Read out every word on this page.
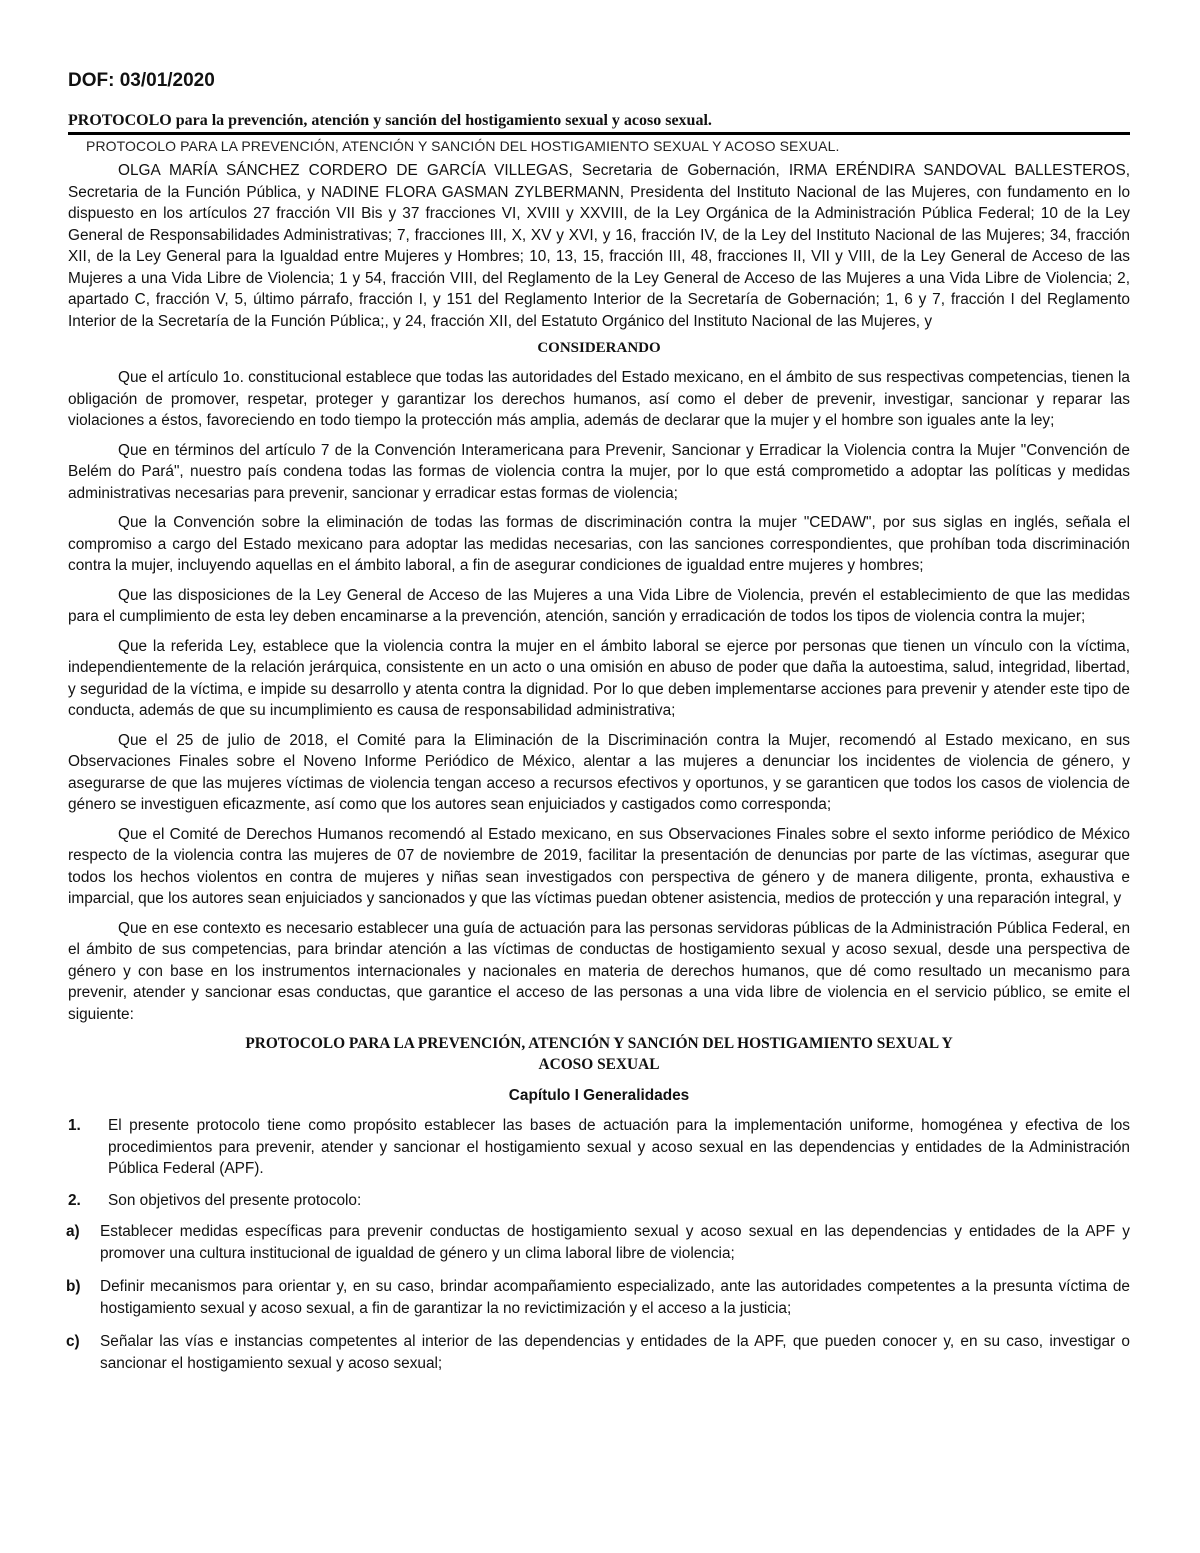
DOF: 03/01/2020
PROTOCOLO para la prevención, atención y sanción del hostigamiento sexual y acoso sexual.
PROTOCOLO PARA LA PREVENCIÓN, ATENCIÓN Y SANCIÓN DEL HOSTIGAMIENTO SEXUAL Y ACOSO SEXUAL.

OLGA MARÍA SÁNCHEZ CORDERO DE GARCÍA VILLEGAS, Secretaria de Gobernación, IRMA ERÉNDIRA SANDOVAL BALLESTEROS, Secretaria de la Función Pública, y NADINE FLORA GASMAN ZYLBERMANN, Presidenta del Instituto Nacional de las Mujeres, con fundamento en lo dispuesto en los artículos 27 fracción VII Bis y 37 fracciones VI, XVIII y XXVIII, de la Ley Orgánica de la Administración Pública Federal; 10 de la Ley General de Responsabilidades Administrativas; 7, fracciones III, X, XV y XVI, y 16, fracción IV, de la Ley del Instituto Nacional de las Mujeres; 34, fracción XII, de la Ley General para la Igualdad entre Mujeres y Hombres; 10, 13, 15, fracción III, 48, fracciones II, VII y VIII, de la Ley General de Acceso de las Mujeres a una Vida Libre de Violencia; 1 y 54, fracción VIII, del Reglamento de la Ley General de Acceso de las Mujeres a una Vida Libre de Violencia; 2, apartado C, fracción V, 5, último párrafo, fracción I, y 151 del Reglamento Interior de la Secretaría de Gobernación; 1, 6 y 7, fracción I del Reglamento Interior de la Secretaría de la Función Pública;, y 24, fracción XII, del Estatuto Orgánico del Instituto Nacional de las Mujeres, y

CONSIDERANDO

Que el artículo 1o. constitucional establece que todas las autoridades del Estado mexicano, en el ámbito de sus respectivas competencias, tienen la obligación de promover, respetar, proteger y garantizar los derechos humanos, así como el deber de prevenir, investigar, sancionar y reparar las violaciones a éstos, favoreciendo en todo tiempo la protección más amplia, además de declarar que la mujer y el hombre son iguales ante la ley;

Que en términos del artículo 7 de la Convención Interamericana para Prevenir, Sancionar y Erradicar la Violencia contra la Mujer "Convención de Belém do Pará", nuestro país condena todas las formas de violencia contra la mujer, por lo que está comprometido a adoptar las políticas y medidas administrativas necesarias para prevenir, sancionar y erradicar estas formas de violencia;

Que la Convención sobre la eliminación de todas las formas de discriminación contra la mujer "CEDAW", por sus siglas en inglés, señala el compromiso a cargo del Estado mexicano para adoptar las medidas necesarias, con las sanciones correspondientes, que prohíban toda discriminación contra la mujer, incluyendo aquellas en el ámbito laboral, a fin de asegurar condiciones de igualdad entre mujeres y hombres;

Que las disposiciones de la Ley General de Acceso de las Mujeres a una Vida Libre de Violencia, prevén el establecimiento de que las medidas para el cumplimiento de esta ley deben encaminarse a la prevención, atención, sanción y erradicación de todos los tipos de violencia contra la mujer;

Que la referida Ley, establece que la violencia contra la mujer en el ámbito laboral se ejerce por personas que tienen un vínculo con la víctima, independientemente de la relación jerárquica, consistente en un acto o una omisión en abuso de poder que daña la autoestima, salud, integridad, libertad, y seguridad de la víctima, e impide su desarrollo y atenta contra la dignidad. Por lo que deben implementarse acciones para prevenir y atender este tipo de conducta, además de que su incumplimiento es causa de responsabilidad administrativa;

Que el 25 de julio de 2018, el Comité para la Eliminación de la Discriminación contra la Mujer, recomendó al Estado mexicano, en sus Observaciones Finales sobre el Noveno Informe Periódico de México, alentar a las mujeres a denunciar los incidentes de violencia de género, y asegurarse de que las mujeres víctimas de violencia tengan acceso a recursos efectivos y oportunos, y se garanticen que todos los casos de violencia de género se investiguen eficazmente, así como que los autores sean enjuiciados y castigados como corresponda;

Que el Comité de Derechos Humanos recomendó al Estado mexicano, en sus Observaciones Finales sobre el sexto informe periódico de México respecto de la violencia contra las mujeres de 07 de noviembre de 2019, facilitar la presentación de denuncias por parte de las víctimas, asegurar que todos los hechos violentos en contra de mujeres y niñas sean investigados con perspectiva de género y de manera diligente, pronta, exhaustiva e imparcial, que los autores sean enjuiciados y sancionados y que las víctimas puedan obtener asistencia, medios de protección y una reparación integral, y

Que en ese contexto es necesario establecer una guía de actuación para las personas servidoras públicas de la Administración Pública Federal, en el ámbito de sus competencias, para brindar atención a las víctimas de conductas de hostigamiento sexual y acoso sexual, desde una perspectiva de género y con base en los instrumentos internacionales y nacionales en materia de derechos humanos, que dé como resultado un mecanismo para prevenir, atender y sancionar esas conductas, que garantice el acceso de las personas a una vida libre de violencia en el servicio público, se emite el siguiente:

PROTOCOLO PARA LA PREVENCIÓN, ATENCIÓN Y SANCIÓN DEL HOSTIGAMIENTO SEXUAL Y
ACOSO SEXUAL
Capítulo I Generalidades
1.	El presente protocolo tiene como propósito establecer las bases de actuación para la implementación uniforme, homogénea y efectiva de los procedimientos para prevenir, atender y sancionar el hostigamiento sexual y acoso sexual en las dependencias y entidades de la Administración Pública Federal (APF).
2.	Son objetivos del presente protocolo:
a)	Establecer medidas específicas para prevenir conductas de hostigamiento sexual y acoso sexual en las dependencias y entidades de la APF y promover una cultura institucional de igualdad de género y un clima laboral libre de violencia;
b)	Definir mecanismos para orientar y, en su caso, brindar acompañamiento especializado, ante las autoridades competentes a la presunta víctima de hostigamiento sexual y acoso sexual, a fin de garantizar la no revictimización y el acceso a la justicia;
c)	Señalar las vías e instancias competentes al interior de las dependencias y entidades de la APF, que pueden conocer y, en su caso, investigar o sancionar el hostigamiento sexual y acoso sexual;
